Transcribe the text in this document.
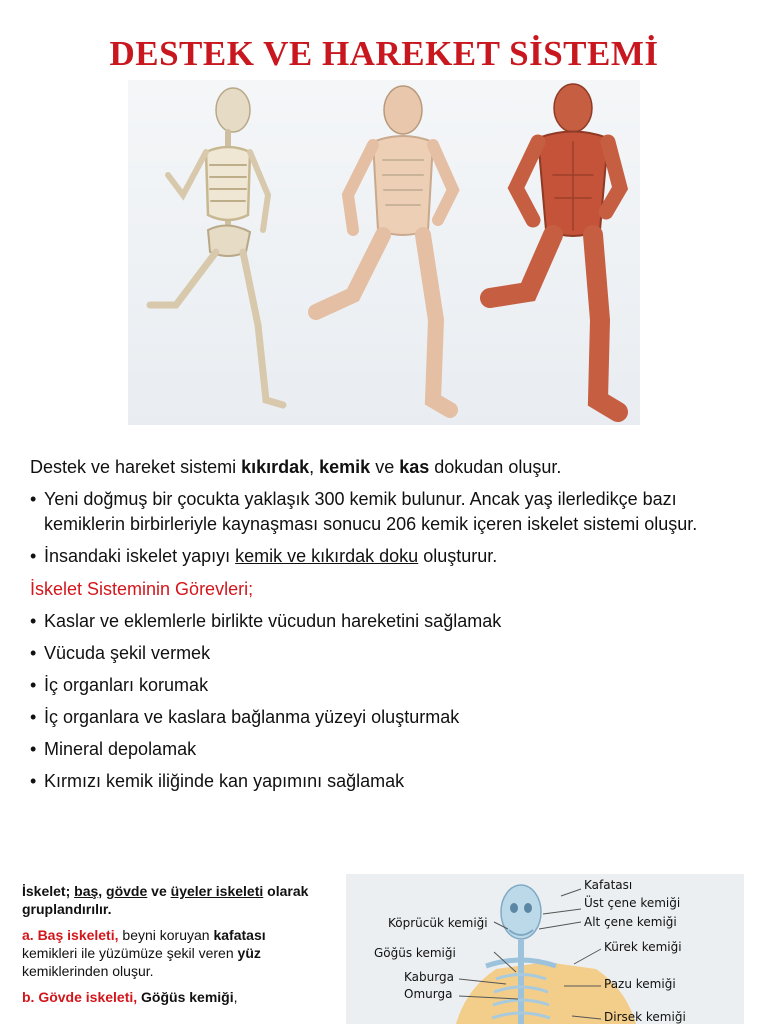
DESTEK VE HAREKET SİSTEMİ

Destek ve hareket sistemi kıkırdak, kemik ve kas dokudan oluşur.

• Yeni doğmuş bir çocukta yaklaşık 300 kemik bulunur. Ancak yaş ilerledikçe bazı kemiklerin birbirleriyle kaynaşması sonucu 206 kemik içeren iskelet sistemi oluşur.
• İnsandaki iskelet yapıyı kemik ve kıkırdak doku oluşturur.

İskelet Sisteminin Görevleri;

• Kaslar ve eklemlerle birlikte vücudun hareketini sağlamak
• Vücuda şekil vermek
• İç organları korumak
• İç organlara ve kaslara bağlanma yüzeyi oluşturmak
• Mineral depolamak
• Kırmızı kemik iliğinde kan yapımını sağlamak

İskelet; baş, gövde ve üyeler iskeleti olarak gruplandırılır.

a. Baş iskeleti, beyni koruyan kafatası kemikleri ile yüzümüze şekil veren yüz kemiklerinden oluşur.

b. Gövde iskeleti, Göğüs kemiği,

Kafatası
Üst çene kemiği
Alt çene kemiği
Köprücük kemiği
Kürek kemiği
Göğüs kemiği
Kaburga
Omurga
Pazu kemiği
Dirsek kemiği
